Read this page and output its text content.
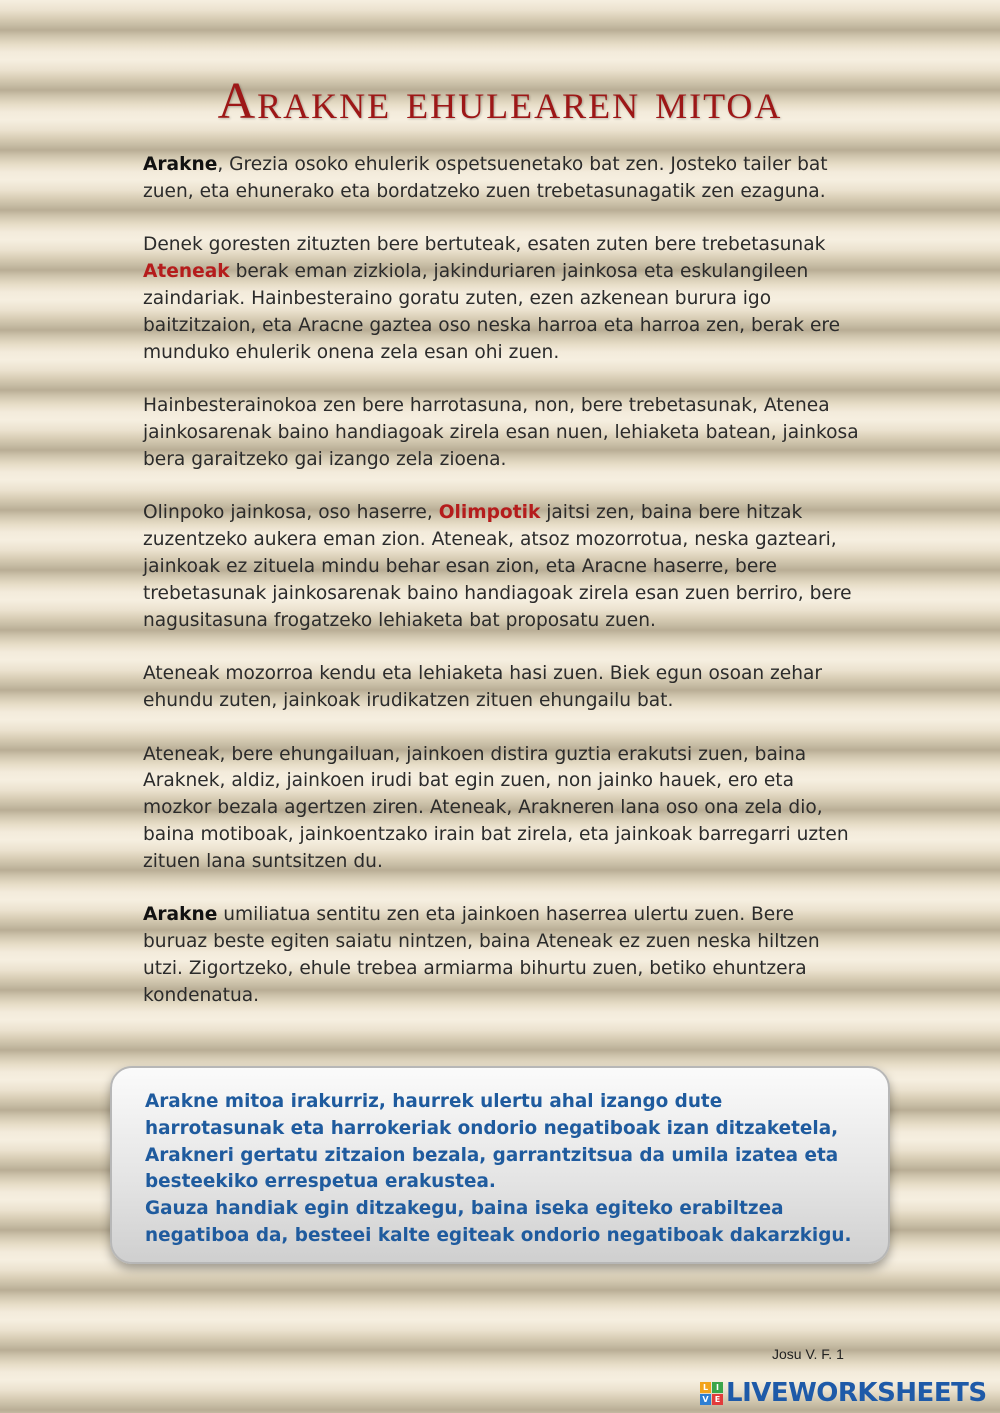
Arakne ehulearen mitoa

Arakne, Grezia osoko ehulerik ospetsuenetako bat zen. Josteko tailer bat zuen, eta ehunerako eta bordatzeko zuen trebetasunagatik zen ezaguna.

Denek goresten zituzten bere bertuteak, esaten zuten bere trebetasunak Ateneak berak eman zizkiola, jakinduriaren jainkosa eta eskulangileen zaindariak. Hainbesteraino goratu zuten, ezen azkenean burura igo baitzitzaion, eta Aracne gaztea oso neska harroa eta harroa zen, berak ere munduko ehulerik onena zela esan ohi zuen.

Hainbesterainokoa zen bere harrotasuna, non, bere trebetasunak, Atenea jainkosarenak baino handiagoak zirela esan nuen, lehiaketa batean, jainkosa bera garaitzeko gai izango zela zioena.

Olinpoko jainkosa, oso haserre, Olimpotik jaitsi zen, baina bere hitzak zuzentzeko aukera eman zion. Ateneak, atsoz mozorrotua, neska gazteari, jainkoak ez zituela mindu behar esan zion, eta Aracne haserre, bere trebetasunak jainkosarenak baino handiagoak zirela esan zuen berriro, bere nagusitasuna frogatzeko lehiaketa bat proposatu zuen.

Ateneak mozorroa kendu eta lehiaketa hasi zuen. Biek egun osoan zehar ehundu zuten, jainkoak irudikatzen zituen ehungailu bat.

Ateneak, bere ehungailuan, jainkoen distira guztia erakutsi zuen, baina Araknek, aldiz, jainkoen irudi bat egin zuen, non jainko hauek, ero eta mozkor bezala agertzen ziren. Ateneak, Arakneren lana oso ona zela dio, baina motiboak, jainkoentzako irain bat zirela, eta jainkoak barregarri uzten zituen lana suntsitzen du.

Arakne umiliatua sentitu zen eta jainkoen haserrea ulertu zuen. Bere buruaz beste egiten saiatu nintzen, baina Ateneak ez zuen neska hiltzen utzi. Zigortzeko, ehule trebea armiarma bihurtu zuen, betiko ehuntzera kondenatua.

Arakne mitoa irakurriz, haurrek ulertu ahal izango dute harrotasunak eta harrokeriak ondorio negatiboak izan ditzaketela, Arakneri gertatu zitzaion bezala, garrantzitsua da umila izatea eta besteekiko errespetua erakustea.

Gauza handiak egin ditzakegu, baina iseka egiteko erabiltzea negatiboa da, besteei kalte egiteak ondorio negatiboak dakarzkigu.

Josu V. F. 1
L I
V E LIVEWORKSHEETS
